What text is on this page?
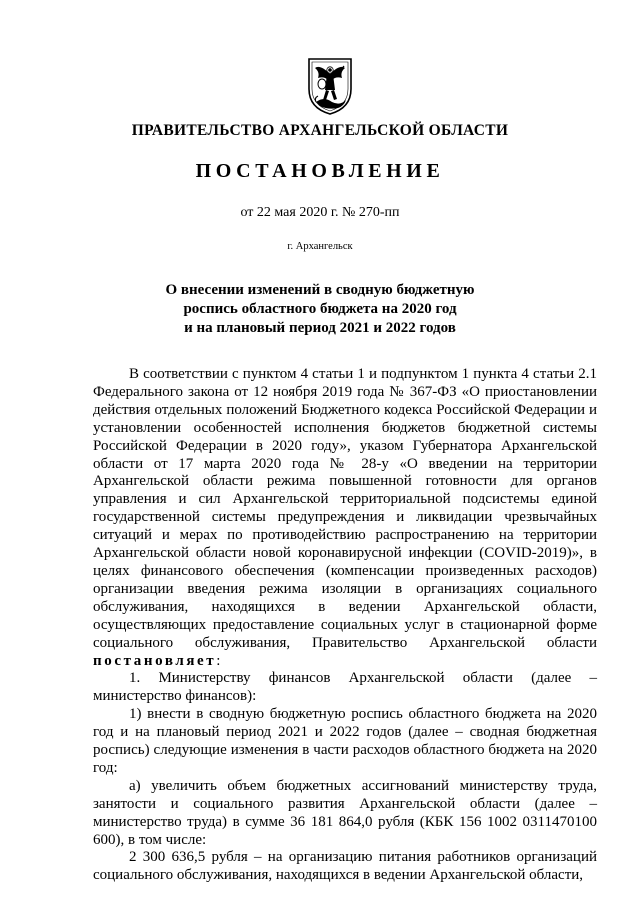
ПРАВИТЕЛЬСТВО АРХАНГЕЛЬСКОЙ ОБЛАСТИ
ПОСТАНОВЛЕНИЕ
от 22 мая 2020 г. № 270-пп
г. Архангельск
О внесении изменений в сводную бюджетную
роспись областного бюджета на 2020 год
и на плановый период 2021 и 2022 годов

В соответствии с пунктом 4 статьи 1 и подпунктом 1 пункта 4 статьи 2.1 Федерального закона от 12 ноября 2019 года № 367-ФЗ «О приостановлении действия отдельных положений Бюджетного кодекса Российской Федерации и установлении особенностей исполнения бюджетов бюджетной системы Российской Федерации в 2020 году», указом Губернатора Архангельской области от 17 марта 2020 года № 28-у «О введении на территории Архангельской области режима повышенной готовности для органов управления и сил Архангельской территориальной подсистемы единой государственной системы предупреждения и ликвидации чрезвычайных ситуаций и мерах по противодействию распространению на территории Архангельской области новой коронавирусной инфекции (COVID-2019)», в целях финансового обеспечения (компенсации произведенных расходов) организации введения режима изоляции в организациях социального обслуживания, находящихся в ведении Архангельской области, осуществляющих предоставление социальных услуг в стационарной форме социального обслуживания, Правительство Архангельской области постановляет:

1. Министерству финансов Архангельской области (далее – министерство финансов):

1) внести в сводную бюджетную роспись областного бюджета на 2020 год и на плановый период 2021 и 2022 годов (далее – сводная бюджетная роспись) следующие изменения в части расходов областного бюджета на 2020 год:

а) увеличить объем бюджетных ассигнований министерству труда, занятости и социального развития Архангельской области (далее – министерство труда) в сумме 36 181 864,0 рубля (КБК 156 1002 0311470100 600), в том числе:

2 300 636,5 рубля – на организацию питания работников организаций социального обслуживания, находящихся в ведении Архангельской области,
